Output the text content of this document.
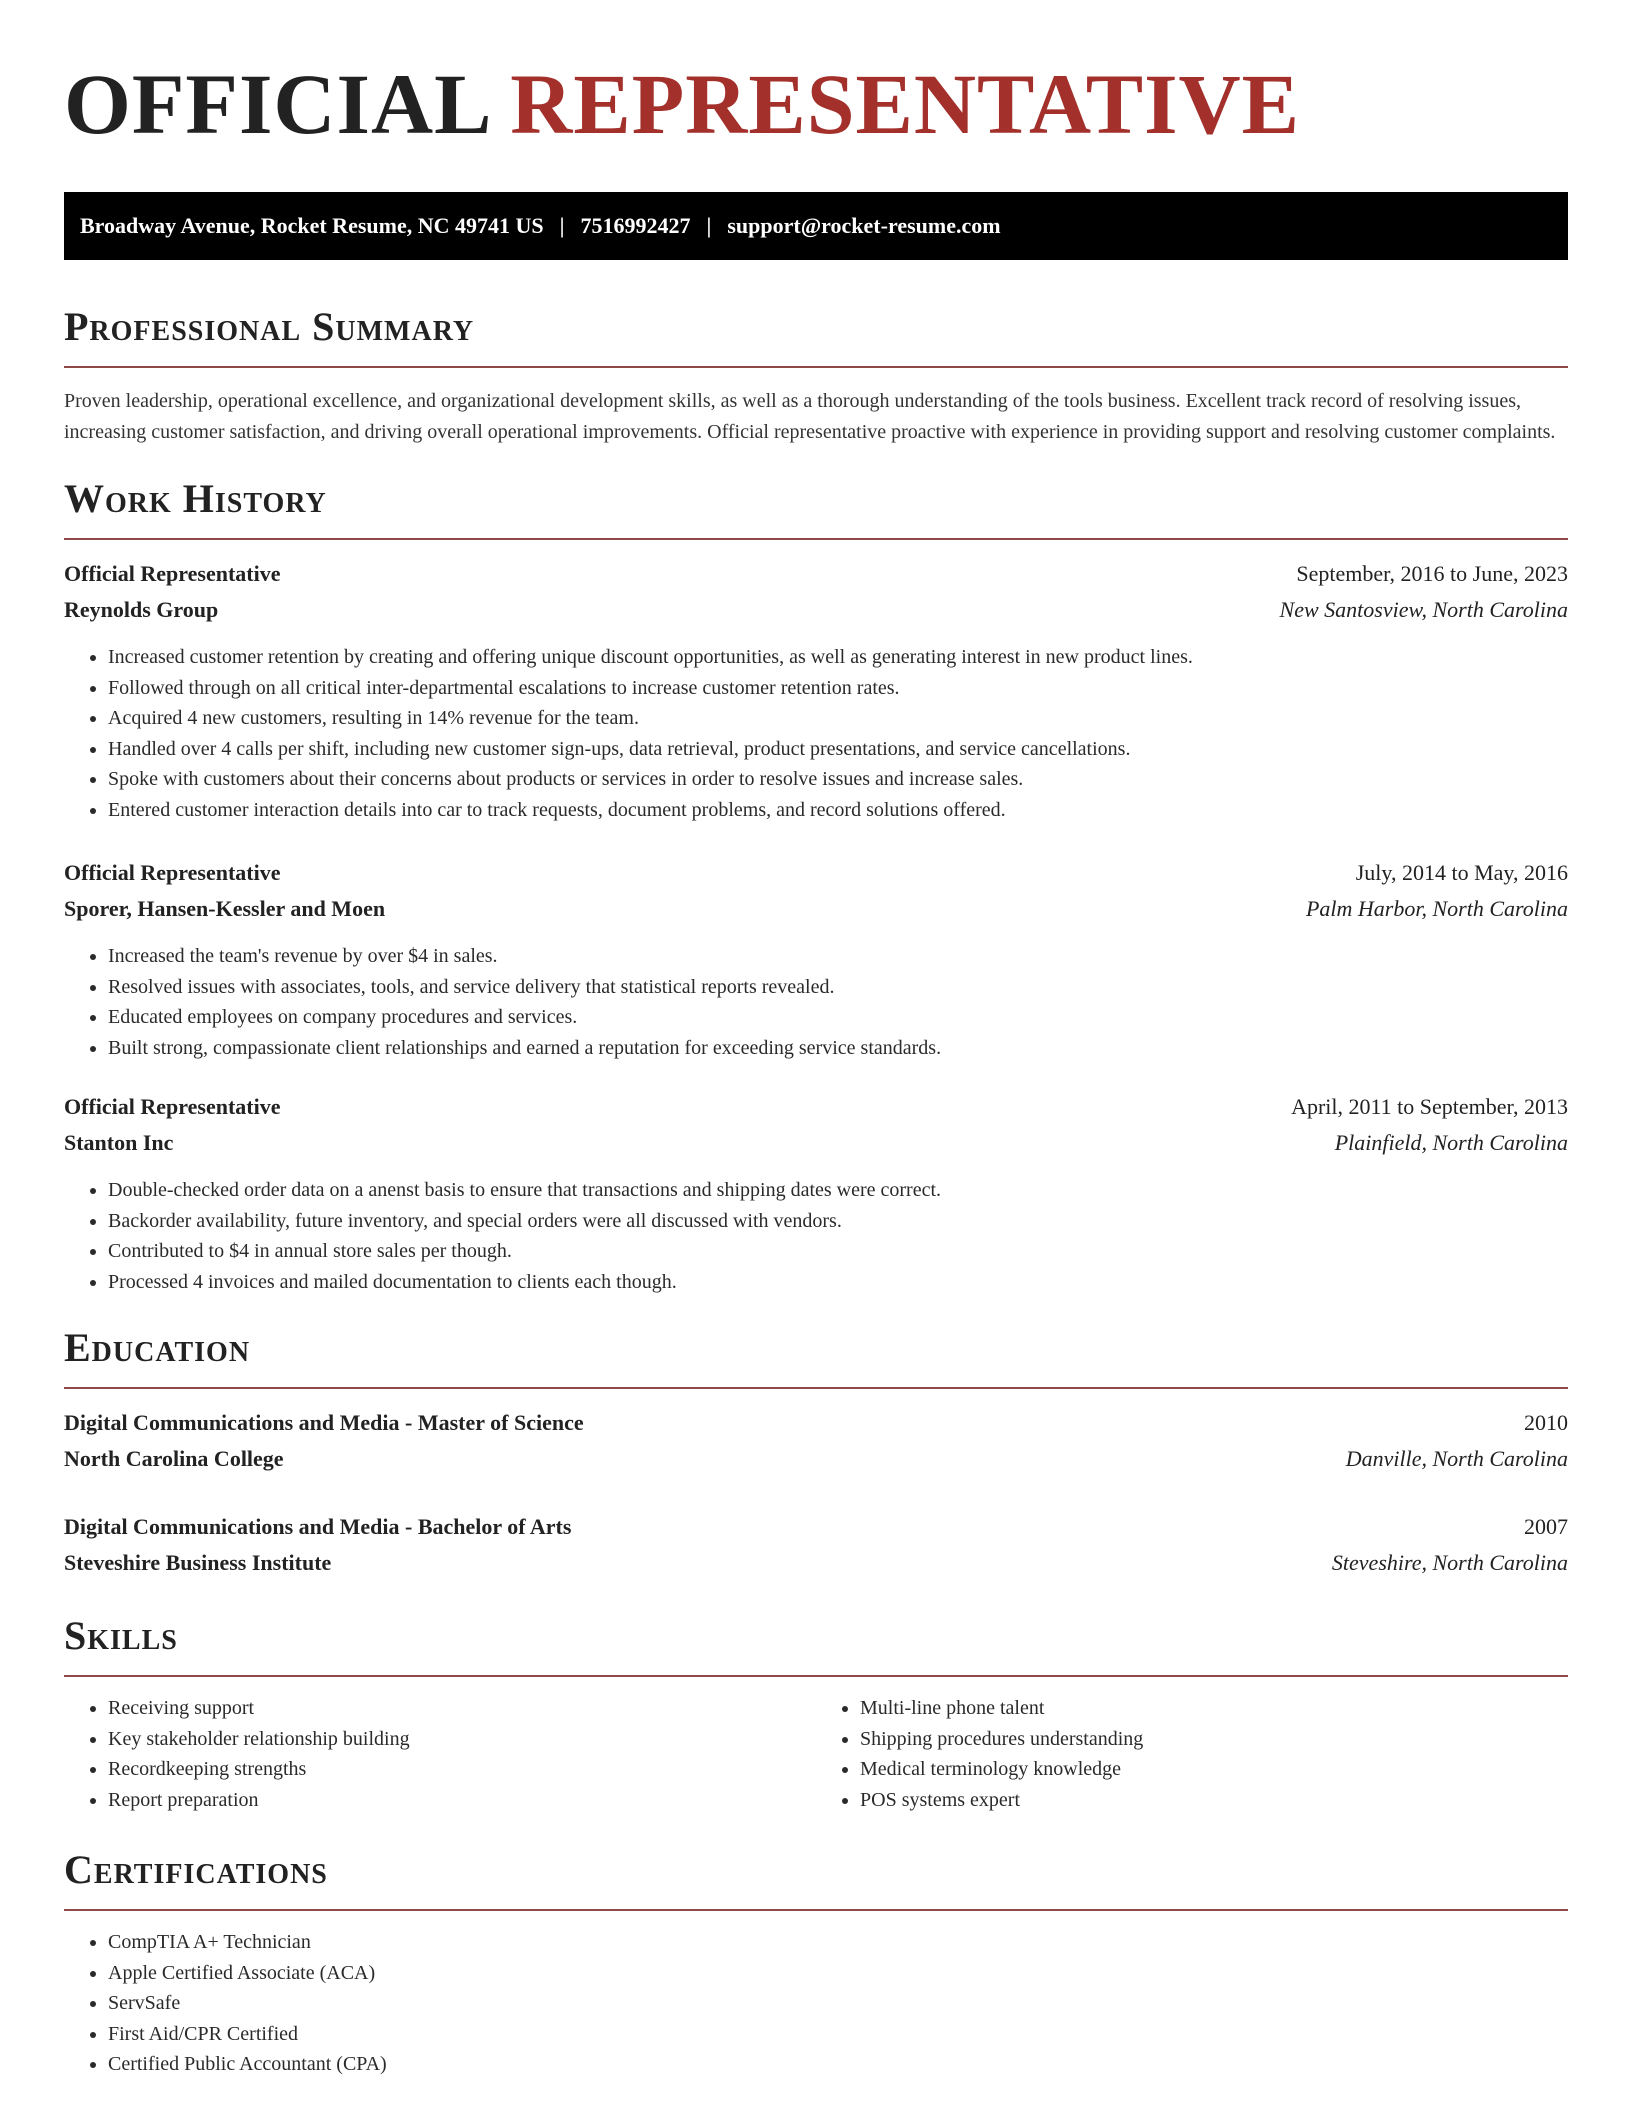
OFFICIAL REPRESENTATIVE
Broadway Avenue, Rocket Resume, NC 49741 US | 7516992427 | support@rocket-resume.com
Professional Summary

Proven leadership, operational excellence, and organizational development skills, as well as a thorough understanding of the tools business. Excellent track record of resolving issues, increasing customer satisfaction, and driving overall operational improvements. Official representative proactive with experience in providing support and resolving customer complaints.

Work History
Official Representative	September, 2016 to June, 2023
Reynolds Group	New Santosview, North Carolina
• Increased customer retention by creating and offering unique discount opportunities, as well as generating interest in new product lines.
• Followed through on all critical inter-departmental escalations to increase customer retention rates.
• Acquired 4 new customers, resulting in 14% revenue for the team.
• Handled over 4 calls per shift, including new customer sign-ups, data retrieval, product presentations, and service cancellations.
• Spoke with customers about their concerns about products or services in order to resolve issues and increase sales.
• Entered customer interaction details into car to track requests, document problems, and record solutions offered.
Official Representative	July, 2014 to May, 2016
Sporer, Hansen-Kessler and Moen	Palm Harbor, North Carolina
• Increased the team's revenue by over $4 in sales.
• Resolved issues with associates, tools, and service delivery that statistical reports revealed.
• Educated employees on company procedures and services.
• Built strong, compassionate client relationships and earned a reputation for exceeding service standards.
Official Representative	April, 2011 to September, 2013
Stanton Inc	Plainfield, North Carolina
• Double-checked order data on a anenst basis to ensure that transactions and shipping dates were correct.
• Backorder availability, future inventory, and special orders were all discussed with vendors.
• Contributed to $4 in annual store sales per though.
• Processed 4 invoices and mailed documentation to clients each though.
Education
Digital Communications and Media - Master of Science	2010
North Carolina College	Danville, North Carolina
Digital Communications and Media - Bachelor of Arts	2007
Steveshire Business Institute	Steveshire, North Carolina
Skills
• Receiving support
• Key stakeholder relationship building
• Recordkeeping strengths
• Report preparation
• Multi-line phone talent
• Shipping procedures understanding
• Medical terminology knowledge
• POS systems expert
Certifications
• CompTIA A+ Technician
• Apple Certified Associate (ACA)
• ServSafe
• First Aid/CPR Certified
• Certified Public Accountant (CPA)
